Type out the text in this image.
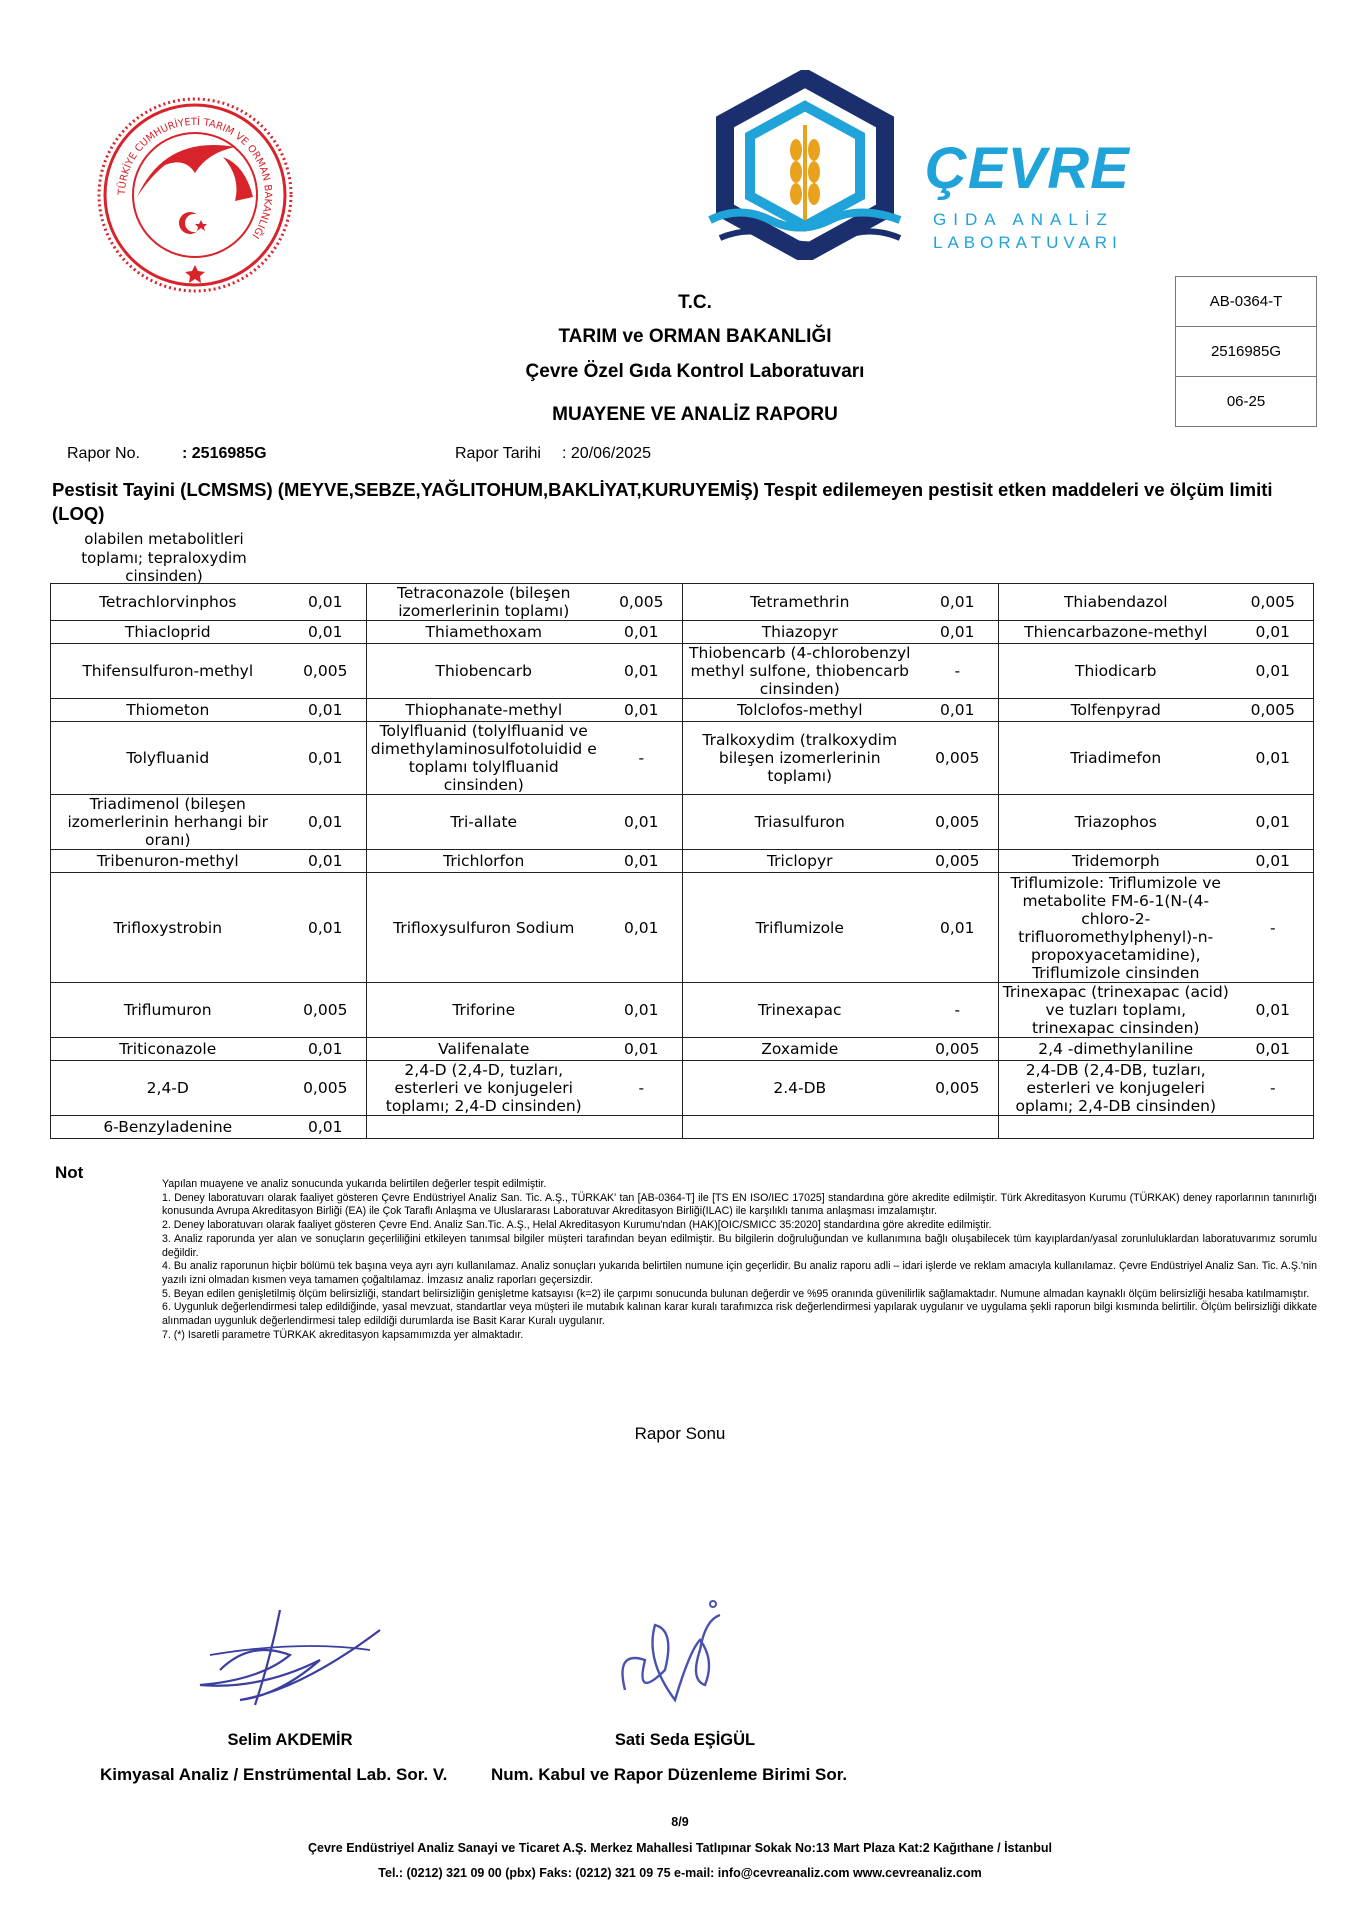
TÜRKİYE CUMHURİYETİ TARIM VE ORMAN BAKANLIĞI
ÇEVRE
GIDA ANALİZ
LABORATUVARI
T.C.
TARIM ve ORMAN BAKANLIĞI
Çevre Özel Gıda Kontrol Laboratuvarı
MUAYENE VE ANALİZ RAPORU
AB-0364-T
2516985G
06-25
Rapor No.	: 2516985G	Rapor Tarihi : 20/06/2025
Pestisit Tayini (LCMSMS) (MEYVE,SEBZE,YAĞLITOHUM,BAKLİYAT,KURUYEMİŞ) Tespit edilemeyen pestisit etken maddeleri ve ölçüm limiti (LOQ)
olabilen metabolitleri toplamı; tepraloxydim cinsinden)
Tetrachlorvinphos	0,01	Tetraconazole (bileşen izomerlerinin toplamı)	0,005	Tetramethrin	0,01	Thiabendazol	0,005
Thiacloprid	0,01	Thiamethoxam	0,01	Thiazopyr	0,01	Thiencarbazone-methyl	0,01
Thifensulfuron-methyl	0,005	Thiobencarb	0,01	Thiobencarb (4-chlorobenzyl methyl sulfone, thiobencarb cinsinden)	-	Thiodicarb	0,01
Thiometon	0,01	Thiophanate-methyl	0,01	Tolclofos-methyl	0,01	Tolfenpyrad	0,005
Tolyfluanid	0,01	Tolylfluanid (tolylfluanid ve dimethylaminosulfotoluidid e toplamı tolylfluanid cinsinden)	-	Tralkoxydim (tralkoxydim bileşen izomerlerinin toplamı)	0,005	Triadimefon	0,01
Triadimenol (bileşen izomerlerinin herhangi bir oranı)	0,01	Tri-allate	0,01	Triasulfuron	0,005	Triazophos	0,01
Tribenuron-methyl	0,01	Trichlorfon	0,01	Triclopyr	0,005	Tridemorph	0,01
Trifloxystrobin	0,01	Trifloxysulfuron Sodium	0,01	Triflumizole	0,01	Triflumizole: Triflumizole ve metabolite FM-6-1(N-(4-chloro-2-trifluoromethylphenyl)-n-propoxyacetamidine), Triflumizole cinsinden	-
Triflumuron	0,005	Triforine	0,01	Trinexapac	-	Trinexapac (trinexapac (acid) ve tuzları toplamı, trinexapac cinsinden)	0,01
Triticonazole	0,01	Valifenalate	0,01	Zoxamide	0,005	2,4 -dimethylaniline	0,01
2,4-D	0,005	2,4-D (2,4-D, tuzları, esterleri ve konjugeleri toplamı; 2,4-D cinsinden)	-	2.4-DB	0,005	2,4-DB (2,4-DB, tuzları, esterleri ve konjugeleri oplamı; 2,4-DB cinsinden)	-
6-Benzyladenine	0,01						
Not

Yapılan muayene ve analiz sonucunda yukarıda belirtilen değerler tespit edilmiştir.

1. Deney laboratuvarı olarak faaliyet gösteren Çevre Endüstriyel Analiz San. Tic. A.Ş., TÜRKAK' tan [AB-0364-T] ile [TS EN ISO/IEC 17025] standardına göre akredite edilmiştir. Türk Akreditasyon Kurumu (TÜRKAK) deney raporlarının tanınırlığı konusunda Avrupa Akreditasyon Birliği (EA) ile Çok Taraflı Anlaşma ve Uluslararası Laboratuvar Akreditasyon Birliği(ILAC) ile karşılıklı tanıma anlaşması imzalamıştır.

2. Deney laboratuvarı olarak faaliyet gösteren Çevre End. Analiz San.Tic. A.Ş., Helal Akreditasyon Kurumu'ndan (HAK)[OIC/SMICC 35:2020] standardına göre akredite edilmiştir.

3. Analiz raporunda yer alan ve sonuçların geçerliliğini etkileyen tanımsal bilgiler müşteri tarafından beyan edilmiştir. Bu bilgilerin doğruluğundan ve kullanımına bağlı oluşabilecek tüm kayıplardan/yasal zorunluluklardan laboratuvarımız sorumlu değildir.

4. Bu analiz raporunun hiçbir bölümü tek başına veya ayrı ayrı kullanılamaz. Analiz sonuçları yukarıda belirtilen numune için geçerlidir. Bu analiz raporu adli – idari işlerde ve reklam amacıyla kullanılamaz. Çevre Endüstriyel Analiz San. Tic. A.Ş.'nin yazılı izni olmadan kısmen veya tamamen çoğaltılamaz. İmzasız analiz raporları geçersizdir.

5. Beyan edilen genişletilmiş ölçüm belirsizliği, standart belirsizliğin genişletme katsayısı (k=2) ile çarpımı sonucunda bulunan değerdir ve %95 oranında güvenilirlik sağlamaktadır. Numune almadan kaynaklı ölçüm belirsizliği hesaba katılmamıştır.

6. Uygunluk değerlendirmesi talep edildiğinde, yasal mevzuat, standartlar veya müşteri ile mutabık kalınan karar kuralı tarafımızca risk değerlendirmesi yapılarak uygulanır ve uygulama şekli raporun bilgi kısmında belirtilir. Ölçüm belirsizliği dikkate alınmadan uygunluk değerlendirmesi talep edildiği durumlarda ise Basit Karar Kuralı uygulanır.

7. (*) Isaretli parametre TÜRKAK akreditasyon kapsamımızda yer almaktadır.

Rapor Sonu
Selim AKDEMİR	Sati Seda EŞİGÜL
Kimyasal Analiz / Enstrümental Lab. Sor. V.	Num. Kabul ve Rapor Düzenleme Birimi Sor.
8/9
Çevre Endüstriyel Analiz Sanayi ve Ticaret A.Ş. Merkez Mahallesi Tatlıpınar Sokak No:13 Mart Plaza Kat:2 Kağıthane / İstanbul
Tel.: (0212) 321 09 00 (pbx) Faks: (0212) 321 09 75 e-mail: info@cevreanaliz.com www.cevreanaliz.com
